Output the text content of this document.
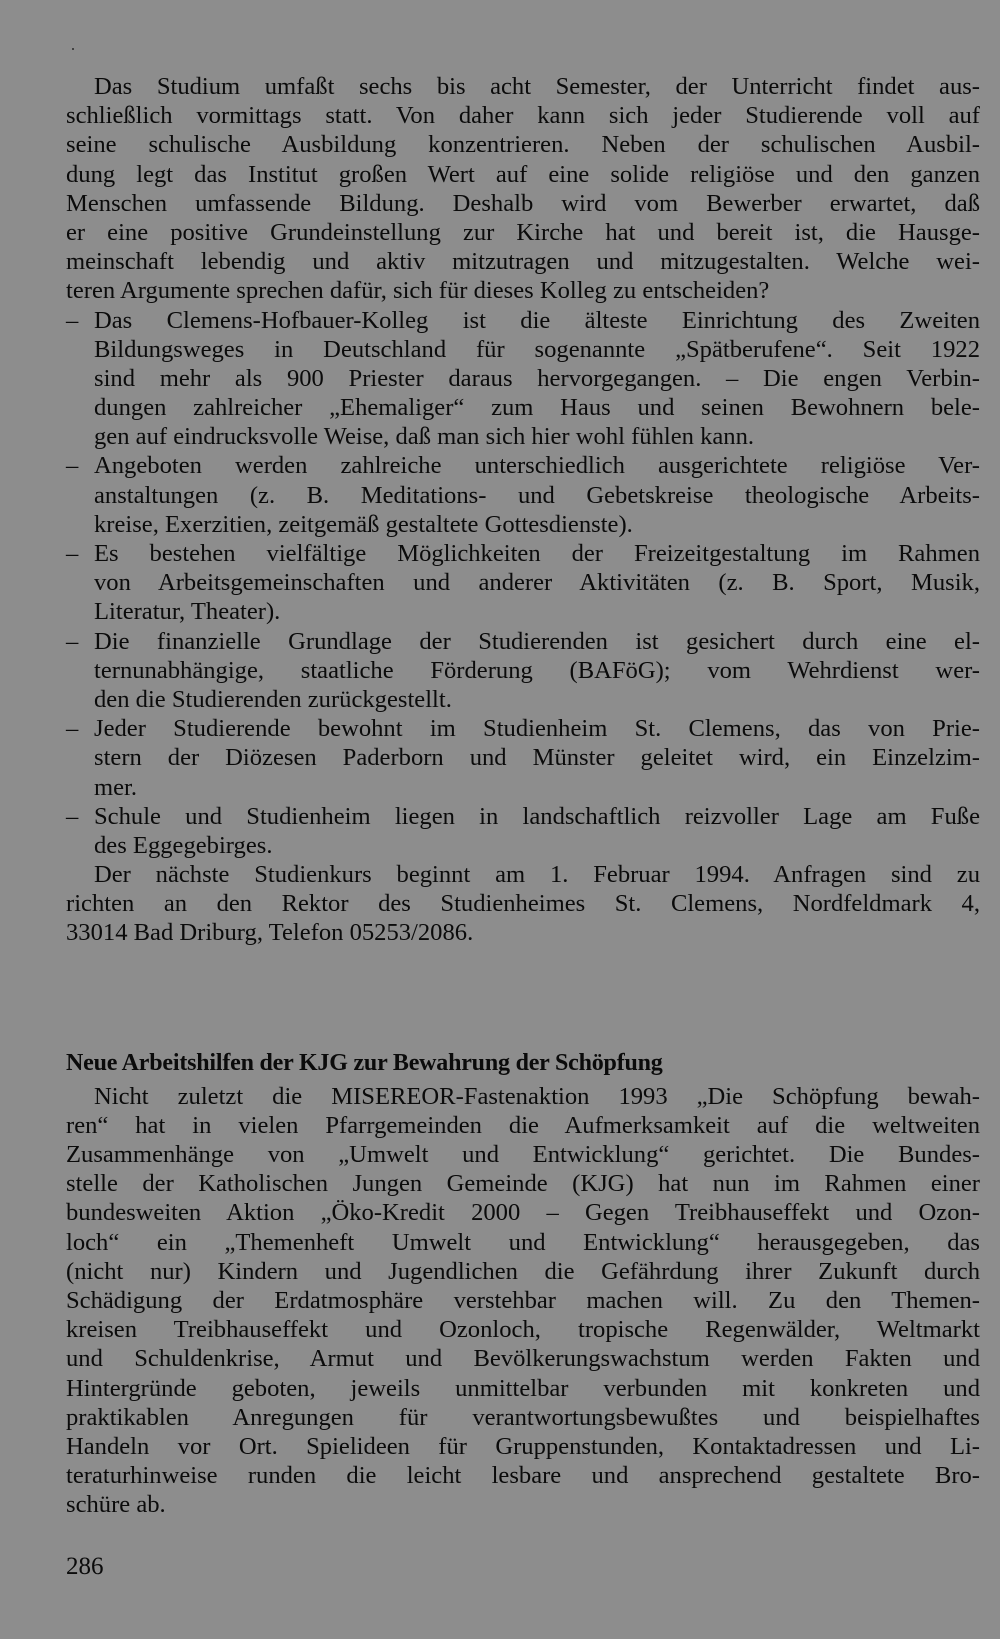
Das Studium umfaßt sechs bis acht Semester, der Unterricht findet aus-
schließlich vormittags statt. Von daher kann sich jeder Studierende voll auf
seine schulische Ausbildung konzentrieren. Neben der schulischen Ausbil-
dung legt das Institut großen Wert auf eine solide religiöse und den ganzen
Menschen umfassende Bildung. Deshalb wird vom Bewerber erwartet, daß
er eine positive Grundeinstellung zur Kirche hat und bereit ist, die Hausge-
meinschaft lebendig und aktiv mitzutragen und mitzugestalten. Welche wei-
teren Argumente sprechen dafür, sich für dieses Kolleg zu entscheiden?
– Das Clemens-Hofbauer-Kolleg ist die älteste Einrichtung des Zweiten
Bildungsweges in Deutschland für sogenannte „Spätberufene“. Seit 1922
sind mehr als 900 Priester daraus hervorgegangen. – Die engen Verbin-
dungen zahlreicher „Ehemaliger“ zum Haus und seinen Bewohnern bele-
gen auf eindrucksvolle Weise, daß man sich hier wohl fühlen kann.
– Angeboten werden zahlreiche unterschiedlich ausgerichtete religiöse Ver-
anstaltungen (z. B. Meditations- und Gebetskreise theologische Arbeits-
kreise, Exerzitien, zeitgemäß gestaltete Gottesdienste).
– Es bestehen vielfältige Möglichkeiten der Freizeitgestaltung im Rahmen
von Arbeitsgemeinschaften und anderer Aktivitäten (z. B. Sport, Musik,
Literatur, Theater).
– Die finanzielle Grundlage der Studierenden ist gesichert durch eine el-
ternunabhängige, staatliche Förderung (BAFöG); vom Wehrdienst wer-
den die Studierenden zurückgestellt.
– Jeder Studierende bewohnt im Studienheim St. Clemens, das von Prie-
stern der Diözesen Paderborn und Münster geleitet wird, ein Einzelzim-
mer.
– Schule und Studienheim liegen in landschaftlich reizvoller Lage am Fuße
des Eggegebirges.
Der nächste Studienkurs beginnt am 1. Februar 1994. Anfragen sind zu
richten an den Rektor des Studienheimes St. Clemens, Nordfeldmark 4,
33014 Bad Driburg, Telefon 05253/2086.
Neue Arbeitshilfen der KJG zur Bewahrung der Schöpfung
Nicht zuletzt die MISEREOR-Fastenaktion 1993 „Die Schöpfung bewah-
ren“ hat in vielen Pfarrgemeinden die Aufmerksamkeit auf die weltweiten
Zusammenhänge von „Umwelt und Entwicklung“ gerichtet. Die Bundes-
stelle der Katholischen Jungen Gemeinde (KJG) hat nun im Rahmen einer
bundesweiten Aktion „Öko-Kredit 2000 – Gegen Treibhauseffekt und Ozon-
loch“ ein „Themenheft Umwelt und Entwicklung“ herausgegeben, das
(nicht nur) Kindern und Jugendlichen die Gefährdung ihrer Zukunft durch
Schädigung der Erdatmosphäre verstehbar machen will. Zu den Themen-
kreisen Treibhauseffekt und Ozonloch, tropische Regenwälder, Weltmarkt
und Schuldenkrise, Armut und Bevölkerungswachstum werden Fakten und
Hintergründe geboten, jeweils unmittelbar verbunden mit konkreten und
praktikablen Anregungen für verantwortungsbewußtes und beispielhaftes
Handeln vor Ort. Spielideen für Gruppenstunden, Kontaktadressen und Li-
teraturhinweise runden die leicht lesbare und ansprechend gestaltete Bro-
schüre ab.
286
